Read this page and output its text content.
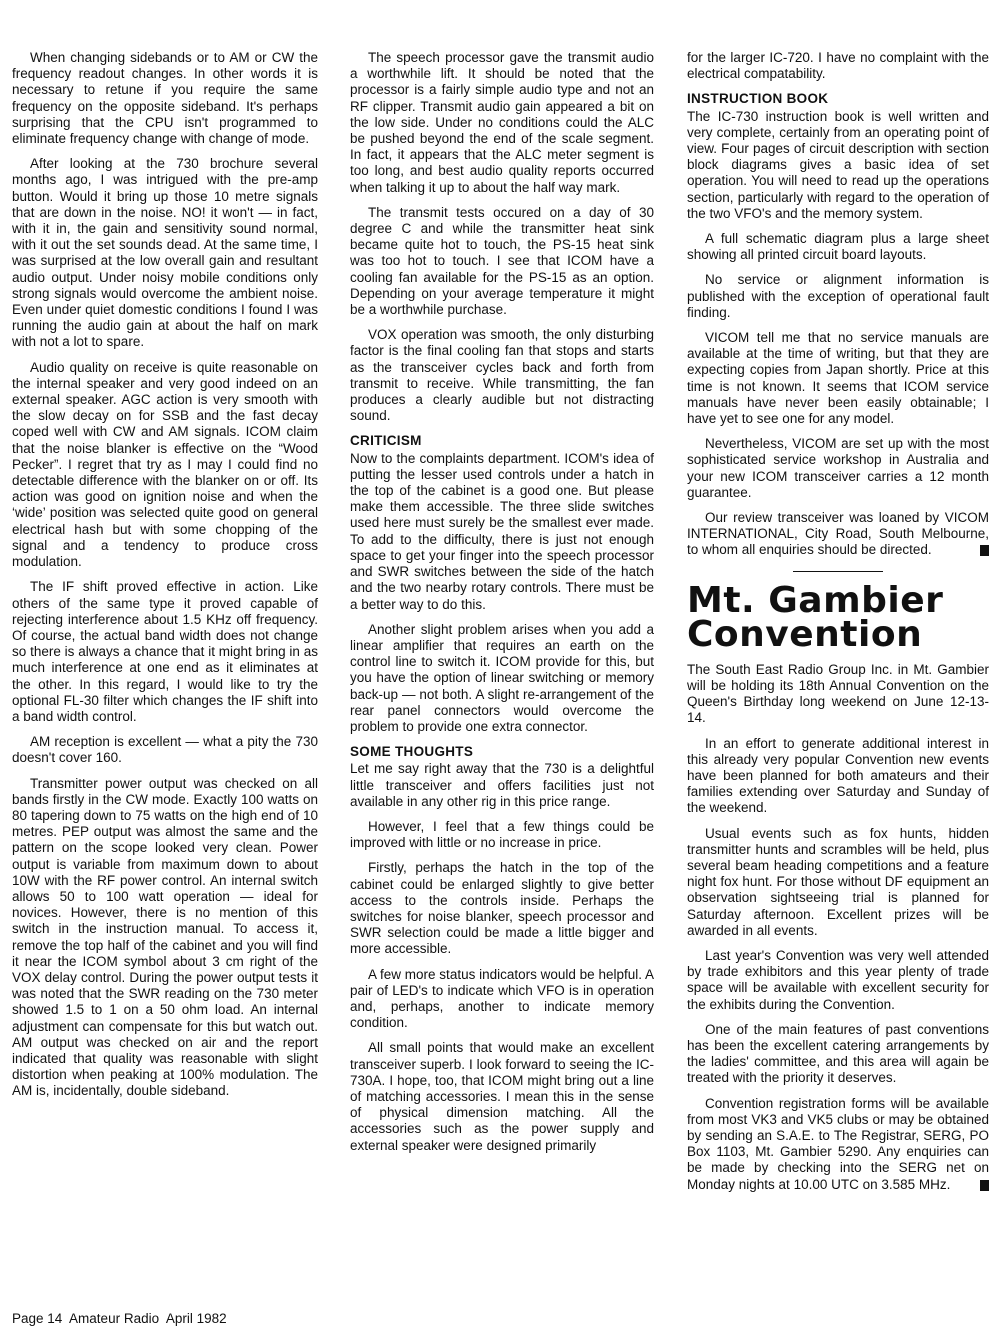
When changing sidebands or to AM or CW the frequency readout changes. In other words it is necessary to retune if you require the same frequency on the opposite sideband. It's perhaps surprising that the CPU isn't programmed to eliminate frequency change with change of mode.

After looking at the 730 brochure several months ago, I was intrigued with the pre-amp button. Would it bring up those 10 metre signals that are down in the noise. NO! it won't — in fact, with it in, the gain and sensitivity sound normal, with it out the set sounds dead. At the same time, I was surprised at the low overall gain and resultant audio output. Under noisy mobile conditions only strong signals would overcome the ambient noise. Even under quiet domestic conditions I found I was running the audio gain at about the half on mark with not a lot to spare.

Audio quality on receive is quite reasonable on the internal speaker and very good indeed on an external speaker. AGC action is very smooth with the slow decay on for SSB and the fast decay coped well with CW and AM signals. ICOM claim that the noise blanker is effective on the “Wood Pecker”. I regret that try as I may I could find no detectable difference with the blanker on or off. Its action was good on ignition noise and when the ‘wide’ position was selected quite good on general electrical hash but with some chopping of the signal and a tendency to produce cross modulation.

The IF shift proved effective in action. Like others of the same type it proved capable of rejecting interference about 1.5 KHz off frequency. Of course, the actual band width does not change so there is always a chance that it might bring in as much interference at one end as it eliminates at the other. In this regard, I would like to try the optional FL-30 filter which changes the IF shift into a band width control.

AM reception is excellent — what a pity the 730 doesn't cover 160.

Transmitter power output was checked on all bands firstly in the CW mode. Exactly 100 watts on 80 tapering down to 75 watts on the high end of 10 metres. PEP output was almost the same and the pattern on the scope looked very clean. Power output is variable from maximum down to about 10W with the RF power control. An internal switch allows 50 to 100 watt operation — ideal for novices. However, there is no mention of this switch in the instruction manual. To access it, remove the top half of the cabinet and you will find it near the ICOM symbol about 3 cm right of the VOX delay control. During the power output tests it was noted that the SWR reading on the 730 meter showed 1.5 to 1 on a 50 ohm load. An internal adjustment can compensate for this but watch out. AM output was checked on air and the report indicated that quality was reasonable with slight distortion when peaking at 100% modulation. The AM is, incidentally, double sideband.

The speech processor gave the transmit audio a worthwhile lift. It should be noted that the processor is a fairly simple audio type and not an RF clipper. Transmit audio gain appeared a bit on the low side. Under no conditions could the ALC be pushed beyond the end of the scale segment. In fact, it appears that the ALC meter segment is too long, and best audio quality reports occurred when talking it up to about the half way mark.

The transmit tests occured on a day of 30 degree C and while the transmitter heat sink became quite hot to touch, the PS-15 heat sink was too hot to touch. I see that ICOM have a cooling fan available for the PS-15 as an option. Depending on your average temperature it might be a worthwhile purchase.

VOX operation was smooth, the only disturbing factor is the final cooling fan that stops and starts as the transceiver cycles back and forth from transmit to receive. While transmitting, the fan produces a clearly audible but not distracting sound.

CRITICISM

Now to the complaints department. ICOM's idea of putting the lesser used controls under a hatch in the top of the cabinet is a good one. But please make them accessible. The three slide switches used here must surely be the smallest ever made. To add to the difficulty, there is just not enough space to get your finger into the speech processor and SWR switches between the side of the hatch and the two nearby rotary controls. There must be a better way to do this.

Another slight problem arises when you add a linear amplifier that requires an earth on the control line to switch it. ICOM provide for this, but you have the option of linear switching or memory back-up — not both. A slight re-arrangement of the rear panel connectors would overcome the problem to provide one extra connector.

SOME THOUGHTS

Let me say right away that the 730 is a delightful little transceiver and offers facilities just not available in any other rig in this price range.

However, I feel that a few things could be improved with little or no increase in price.

Firstly, perhaps the hatch in the top of the cabinet could be enlarged slightly to give better access to the controls inside. Perhaps the switches for noise blanker, speech processor and SWR selection could be made a little bigger and more accessible.

A few more status indicators would be helpful. A pair of LED's to indicate which VFO is in operation and, perhaps, another to indicate memory condition.

All small points that would make an excellent transceiver superb. I look forward to seeing the IC-730A. I hope, too, that ICOM might bring out a line of matching accessories. I mean this in the sense of physical dimension matching. All the accessories such as the power supply and external speaker were designed primarily

for the larger IC-720. I have no complaint with the electrical compatability.

INSTRUCTION BOOK

The IC-730 instruction book is well written and very complete, certainly from an operating point of view. Four pages of circuit description with section block diagrams gives a basic idea of set operation. You will need to read up the operations section, particularly with regard to the operation of the two VFO's and the memory system.

A full schematic diagram plus a large sheet showing all printed circuit board layouts.

No service or alignment information is published with the exception of operational fault finding.

VICOM tell me that no service manuals are available at the time of writing, but that they are expecting copies from Japan shortly. Price at this time is not known. It seems that ICOM service manuals have never been easily obtainable; I have yet to see one for any model.

Nevertheless, VICOM are set up with the most sophisticated service workshop in Australia and your new ICOM transceiver carries a 12 month guarantee.

Our review transceiver was loaned by VICOM INTERNATIONAL, City Road, South Melbourne, to whom all enquiries should be directed.

Mt. Gambier
Convention

The South East Radio Group Inc. in Mt. Gambier will be holding its 18th Annual Convention on the Queen's Birthday long weekend on June 12-13-14.

In an effort to generate additional interest in this already very popular Convention new events have been planned for both amateurs and their families extending over Saturday and Sunday of the weekend.

Usual events such as fox hunts, hidden transmitter hunts and scrambles will be held, plus several beam heading competitions and a feature night fox hunt. For those without DF equipment an observation sightseeing trial is planned for Saturday afternoon. Excellent prizes will be awarded in all events.

Last year's Convention was very well attended by trade exhibitors and this year plenty of trade space will be available with excellent security for the exhibits during the Convention.

One of the main features of past conventions has been the excellent catering arrangements by the ladies' committee, and this area will again be treated with the priority it deserves.

Convention registration forms will be available from most VK3 and VK5 clubs or may be obtained by sending an S.A.E. to The Registrar, SERG, PO Box 1103, Mt. Gambier 5290. Any enquiries can be made by checking into the SERG net on Monday nights at 10.00 UTC on 3.585 MHz.

Page 14  Amateur Radio  April 1982
